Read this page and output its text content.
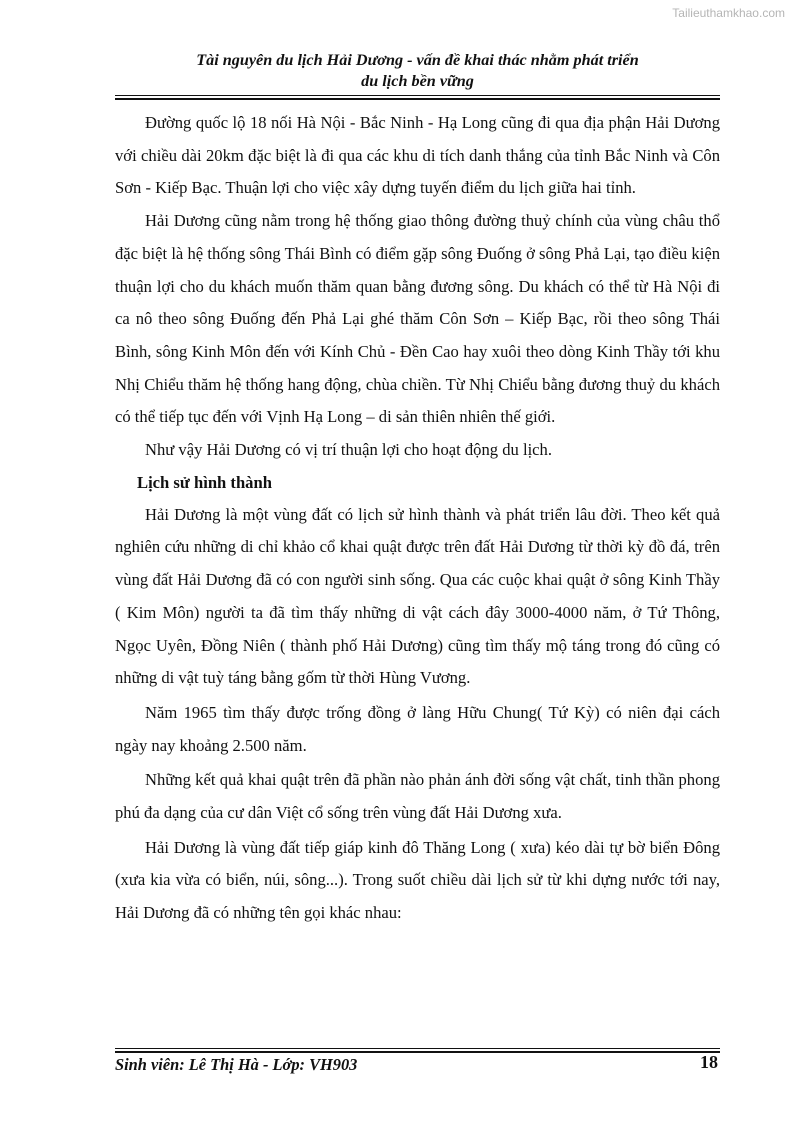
Tailieuthamkhao.com
Tài nguyên du lịch Hải Dương - vấn đề khai thác nhằm phát triển
du lịch bền vững

Đường quốc lộ 18 nối Hà Nội - Bắc Ninh - Hạ Long cũng đi qua địa phận Hải Dương với chiều dài 20km đặc biệt là đi qua các khu di tích danh thắng của tỉnh Bắc Ninh và Côn Sơn - Kiếp Bạc. Thuận lợi cho việc xây dựng tuyến điểm du lịch giữa hai tỉnh.

Hải Dương cũng nằm trong hệ thống giao thông đường thuỷ chính của vùng châu thổ đặc biệt là hệ thống sông Thái Bình có điểm gặp sông Đuống ở sông Phả Lại, tạo điều kiện thuận lợi cho du khách muốn thăm quan bằng đương sông. Du khách có thể từ Hà Nội đi ca nô theo sông Đuống đến Phả Lại ghé thăm Côn Sơn – Kiếp Bạc, rồi theo sông Thái Bình, sông Kinh Môn đến với Kính Chủ - Đền Cao hay xuôi theo dòng Kinh Thầy tới khu Nhị Chiểu thăm hệ thống hang động, chùa chiền. Từ Nhị Chiểu bằng đương thuỷ du khách có thể tiếp tục đến với Vịnh Hạ Long – di sản thiên nhiên thế giới.

Như vậy Hải Dương có vị trí thuận lợi cho hoạt động du lịch.

Lịch sử hình thành

Hải Dương là một vùng đất có lịch sử hình thành và phát triển lâu đời. Theo kết quả nghiên cứu những di chỉ khảo cổ khai quật được trên đất Hải Dương từ thời kỳ đồ đá, trên vùng đất Hải Dương đã có con người sinh sống. Qua các cuộc khai quật ở sông Kinh Thầy ( Kim Môn) người ta đã tìm thấy những di vật cách đây 3000-4000 năm, ở Tứ Thông, Ngọc Uyên, Đồng Niên ( thành phố Hải Dương) cũng tìm thấy mộ táng trong đó cũng có những di vật tuỳ táng bằng gốm từ thời Hùng Vương.

Năm 1965 tìm thấy được trống đồng ở làng Hữu Chung( Tứ Kỳ) có niên đại cách ngày nay khoảng 2.500 năm.

Những kết quả khai quật trên đã phần nào phản ánh đời sống vật chất, tinh thần phong phú đa dạng của cư dân Việt cổ sống trên vùng đất Hải Dương xưa.

Hải Dương là vùng đất tiếp giáp kinh đô Thăng Long ( xưa) kéo dài tự bờ biển Đông (xưa kia vừa có biển, núi, sông...). Trong suốt chiều dài lịch sử từ khi dựng nước tới nay, Hải Dương đã có những tên gọi khác nhau:

Sinh viên: Lê Thị Hà - Lớp: VH903	18
